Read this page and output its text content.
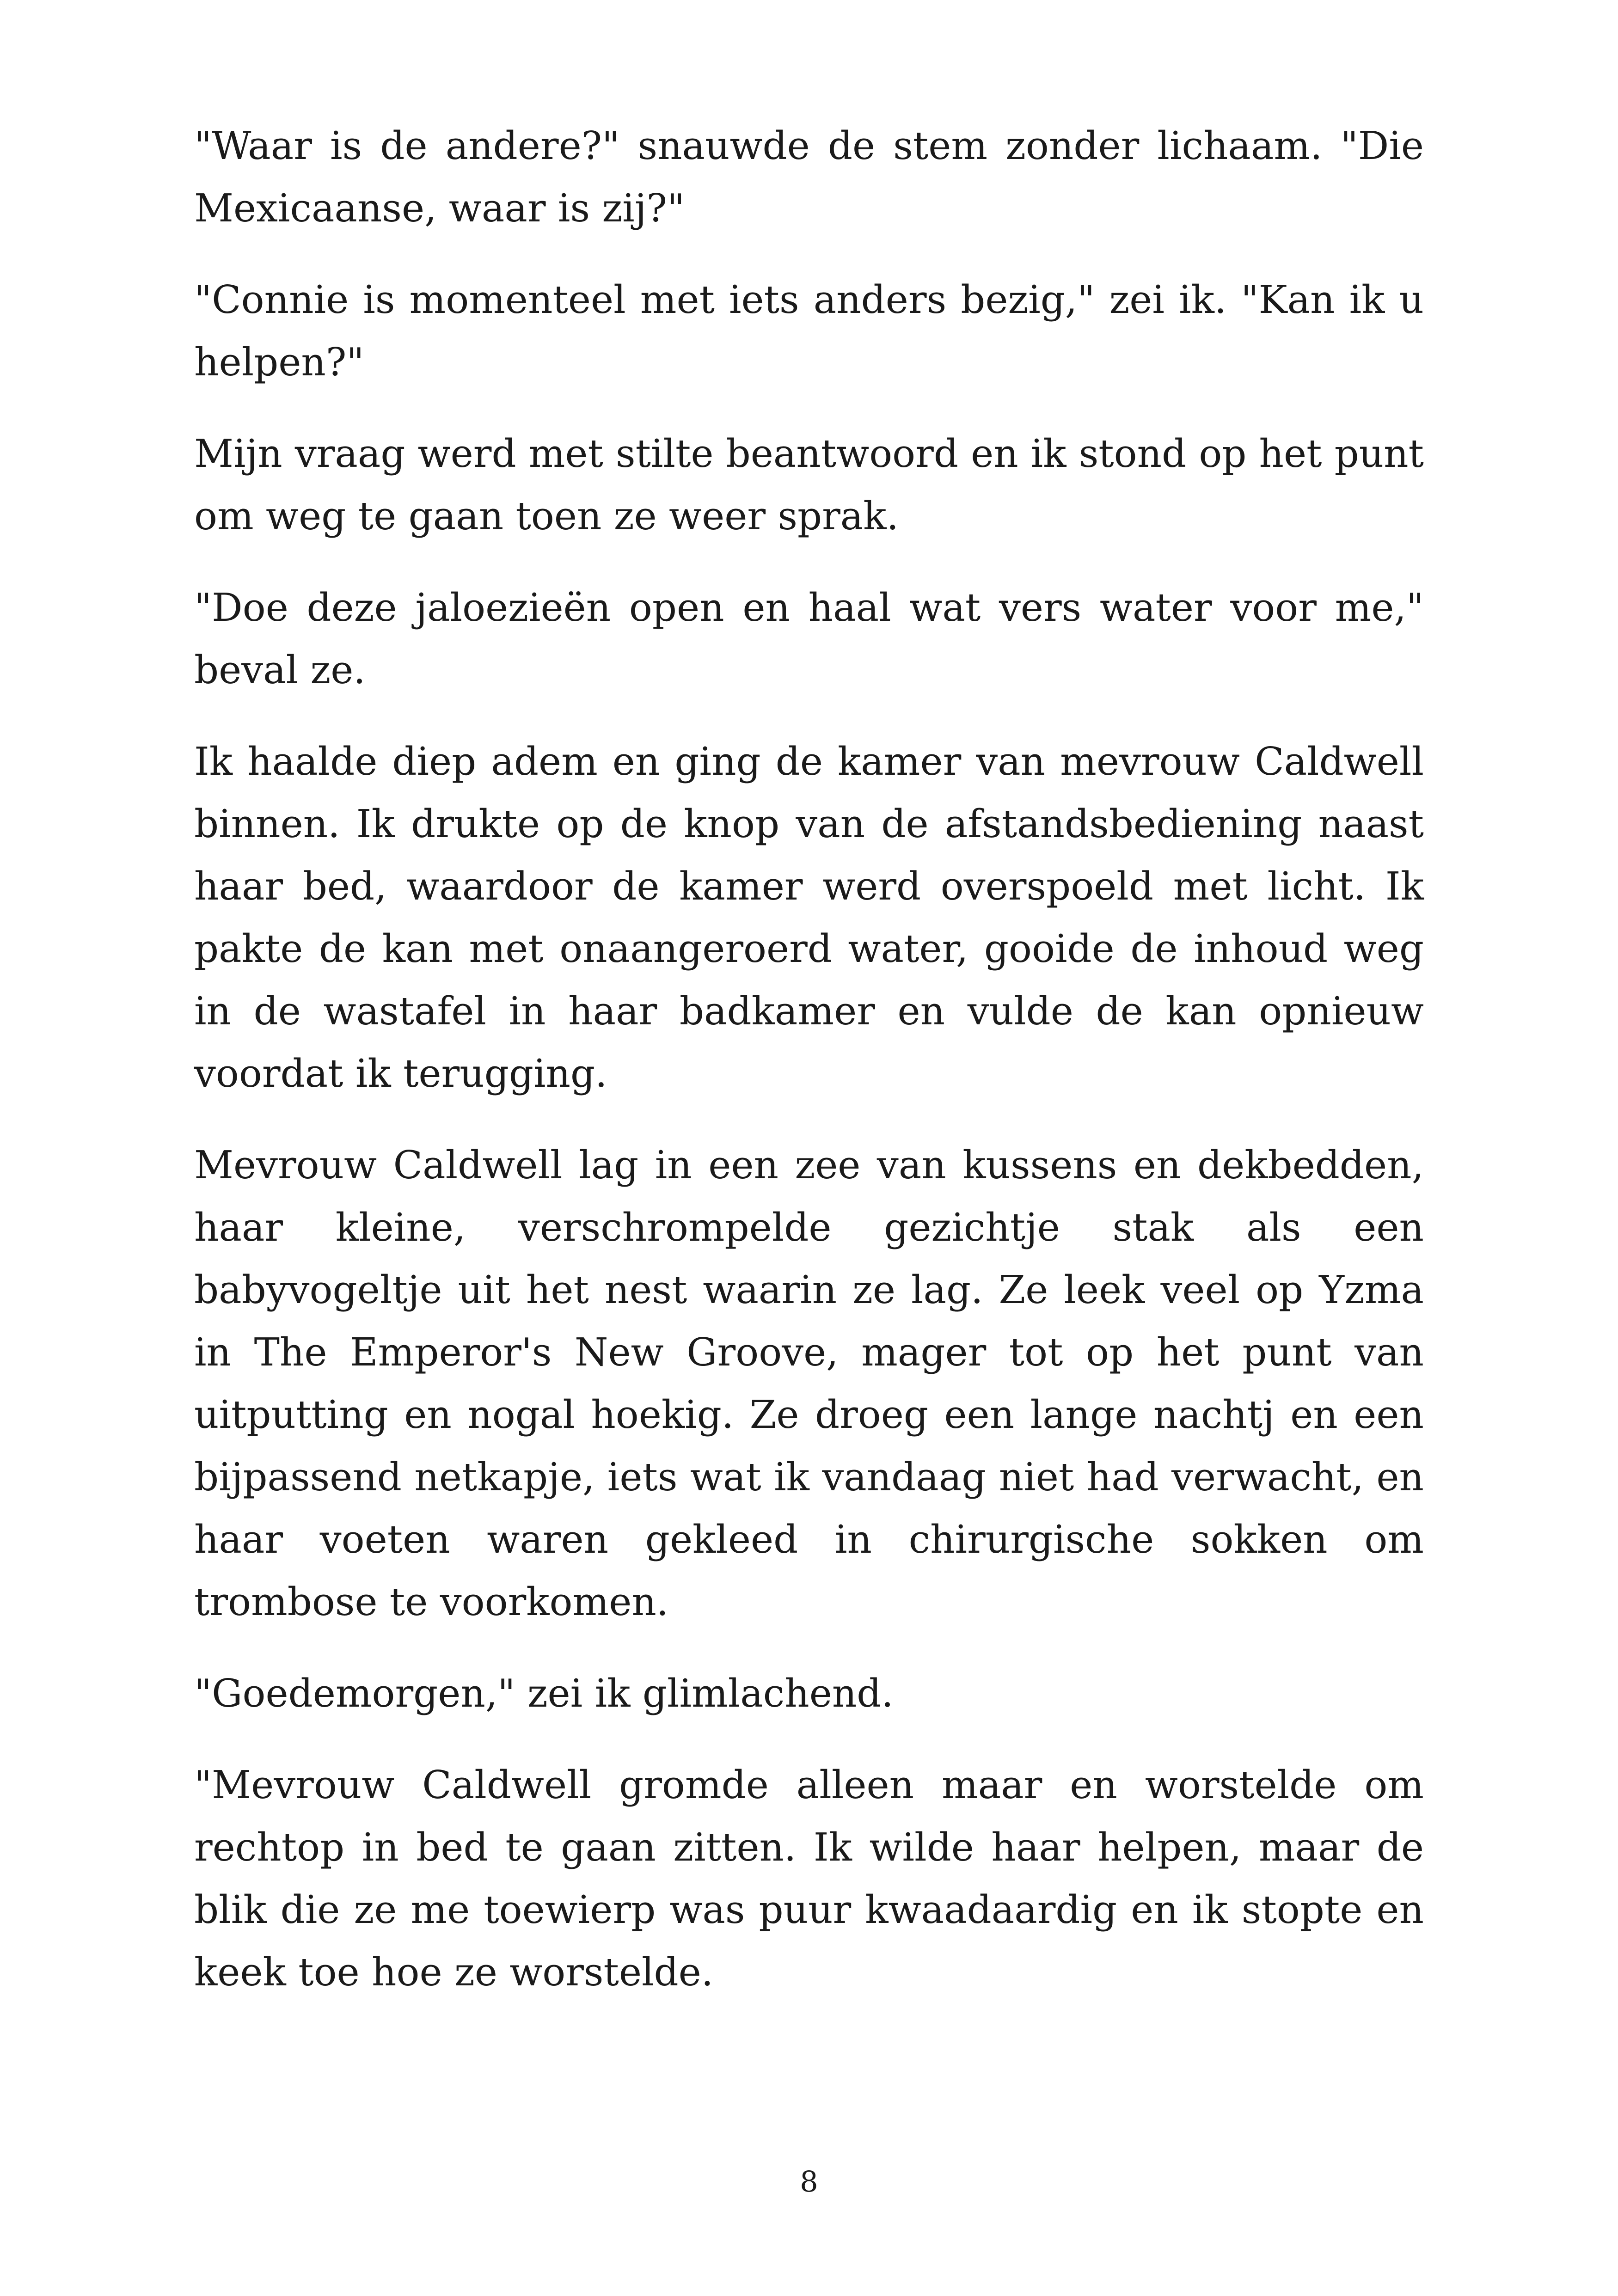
"Waar is de andere?" snauwde de stem zonder lichaam. "Die Mexicaanse, waar is zij?"

"Connie is momenteel met iets anders bezig," zei ik. "Kan ik u helpen?"

Mijn vraag werd met stilte beantwoord en ik stond op het punt om weg te gaan toen ze weer sprak.

"Doe deze jaloezieën open en haal wat vers water voor me," beval ze.

Ik haalde diep adem en ging de kamer van mevrouw Caldwell binnen. Ik drukte op de knop van de afstandsbediening naast haar bed, waardoor de kamer werd overspoeld met licht. Ik pakte de kan met onaangeroerd water, gooide de inhoud weg in de wastafel in haar badkamer en vulde de kan opnieuw voordat ik terugging.

Mevrouw Caldwell lag in een zee van kussens en dekbedden, haar kleine, verschrompelde gezichtje stak als een babyvogeltje uit het nest waarin ze lag. Ze leek veel op Yzma in The Emperor's New Groove, mager tot op het punt van uitputting en nogal hoekig. Ze droeg een lange nachtj en een bijpassend netkapje, iets wat ik vandaag niet had verwacht, en haar voeten waren gekleed in chirurgische sokken om trombose te voorkomen.

"Goedemorgen," zei ik glimlachend.

"Mevrouw Caldwell gromde alleen maar en worstelde om rechtop in bed te gaan zitten. Ik wilde haar helpen, maar de blik die ze me toewierp was puur kwaadaardig en ik stopte en keek toe hoe ze worstelde.

8
